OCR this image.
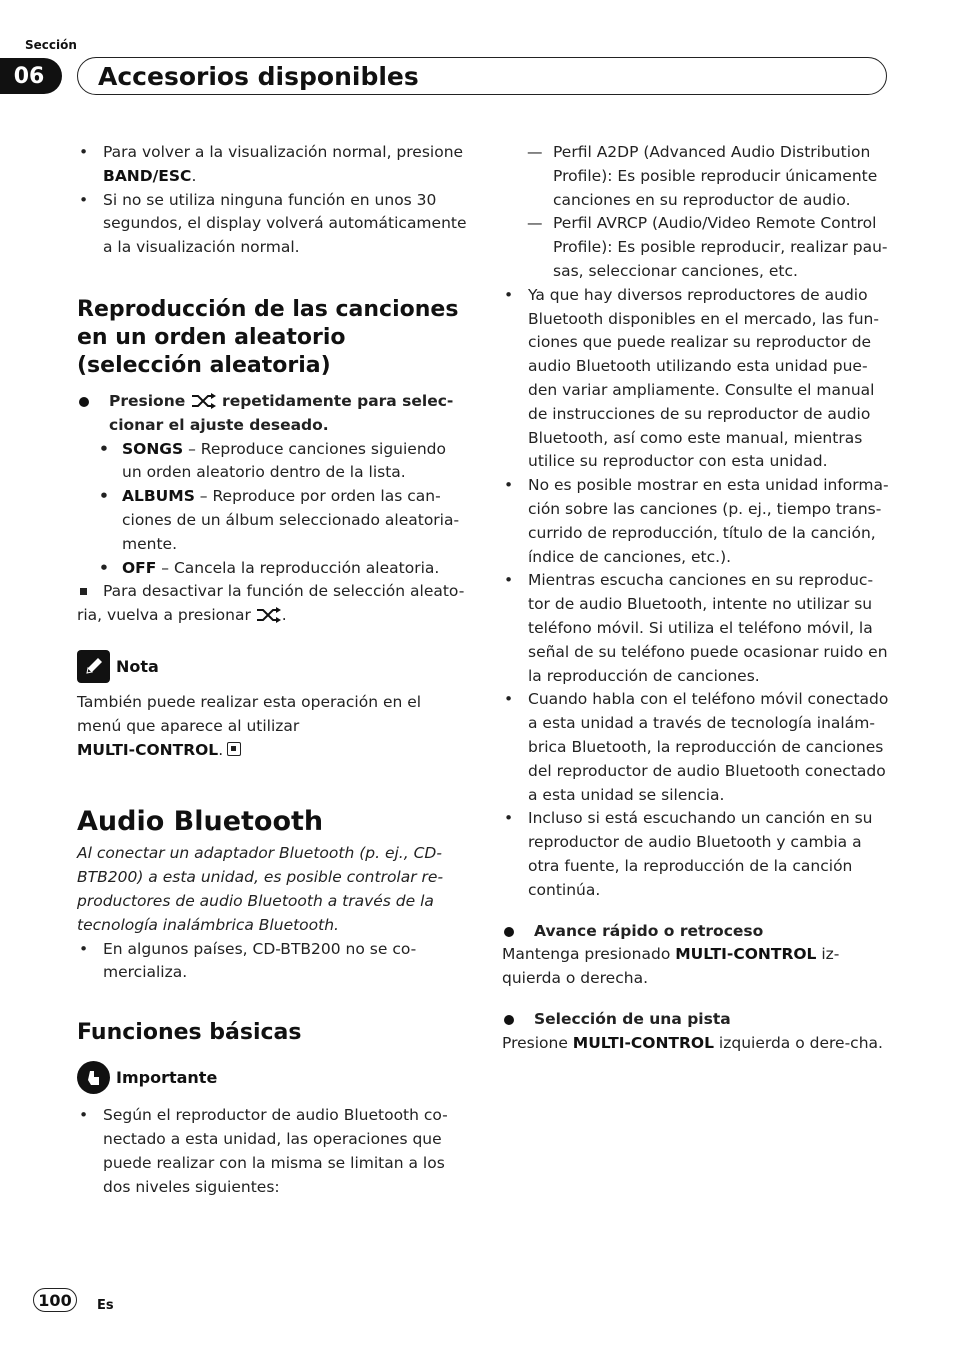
Sección
06	Accesorios disponibles
• Para volver a la visualización normal, presione BAND/ESC.
• Si no se utiliza ninguna función en unos 30 segundos, el display volverá automáticamente a la visualización normal.
Reproducción de las canciones en un orden aleatorio (selección aleatoria)
Presione  repetidamente para selec-cionar el ajuste deseado.
• SONGS – Reproduce canciones siguiendo un orden aleatorio dentro de la lista.
• ALBUMS – Reproduce por orden las can-ciones de un álbum seleccionado aleatoria-mente.
• OFF – Cancela la reproducción aleatoria.
Para desactivar la función de selección aleato-ria, vuelva a presionar .
Nota
También puede realizar esta operación en el menú que aparece al utilizar
MULTI-CONTROL.
Audio Bluetooth
Al conectar un adaptador Bluetooth (p. ej., CD-BTB200) a esta unidad, es posible controlar re-productores de audio Bluetooth a través de la tecnología inalámbrica Bluetooth.
• En algunos países, CD-BTB200 no se co-mercializa.
Funciones básicas
Importante
• Según el reproductor de audio Bluetooth co-nectado a esta unidad, las operaciones que puede realizar con la misma se limitan a los dos niveles siguientes:
— Perfil A2DP (Advanced Audio Distribution Profile): Es posible reproducir únicamente canciones en su reproductor de audio.
— Perfil AVRCP (Audio/Video Remote Control Profile): Es posible reproducir, realizar pau-sas, seleccionar canciones, etc.
• Ya que hay diversos reproductores de audio Bluetooth disponibles en el mercado, las fun-ciones que puede realizar su reproductor de audio Bluetooth utilizando esta unidad pue-den variar ampliamente. Consulte el manual de instrucciones de su reproductor de audio Bluetooth, así como este manual, mientras utilice su reproductor con esta unidad.
• No es posible mostrar en esta unidad informa-ción sobre las canciones (p. ej., tiempo trans-currido de reproducción, título de la canción, índice de canciones, etc.).
• Mientras escucha canciones en su reproduc-tor de audio Bluetooth, intente no utilizar su teléfono móvil. Si utiliza el teléfono móvil, la señal de su teléfono puede ocasionar ruido en la reproducción de canciones.
• Cuando habla con el teléfono móvil conectado a esta unidad a través de tecnología inalám-brica Bluetooth, la reproducción de canciones del reproductor de audio Bluetooth conectado a esta unidad se silencia.
• Incluso si está escuchando un canción en su reproductor de audio Bluetooth y cambia a otra fuente, la reproducción de la canción continúa.
Avance rápido o retroceso
Mantenga presionado MULTI-CONTROL iz-quierda o derecha.
Selección de una pista
Presione MULTI-CONTROL izquierda o dere-cha.
100	Es
